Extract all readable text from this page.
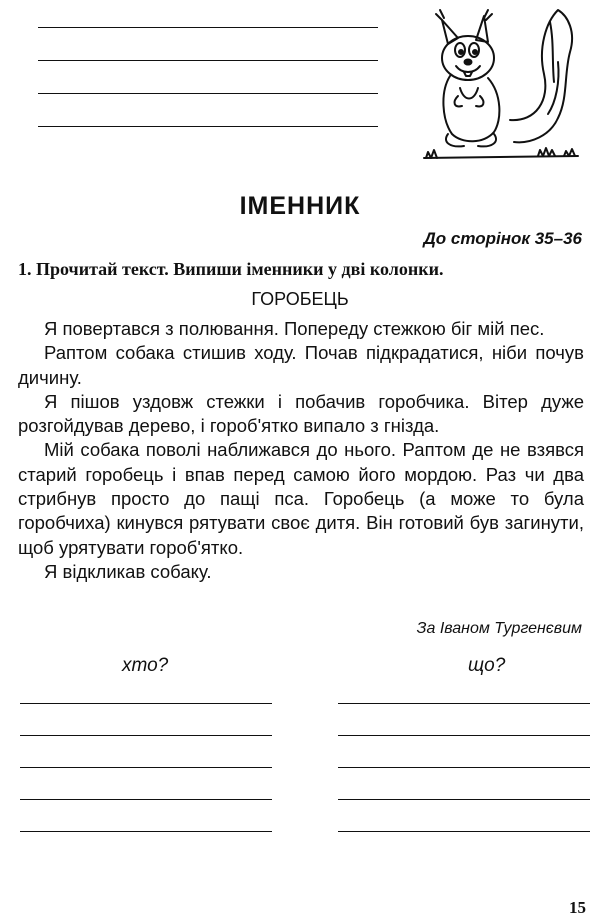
ІМЕННИК
До сторінок 35–36
1. Прочитай текст. Випиши іменники у дві колонки.
ГОРОБЕЦЬ

Я повертався з полювання. Попереду стежкою біг мій пес.

Раптом собака стишив ходу. Почав підкрадатися, ніби почув дичину.

Я пішов уздовж стежки і побачив горобчика. Вітер дуже розгойдував дерево, і гороб'ятко випало з гнізда.

Мій собака поволі наближався до нього. Раптом де не взявся старий горобець і впав перед самою його мордою. Раз чи два стрибнув просто до пащі пса. Горобець (а може то була горобчиха) кинувся рятувати своє дитя. Він готовий був загинути, щоб урятувати гороб'ятко.

Я відкликав собаку.

За Іваном Тургенєвим
хто?	що?
15
